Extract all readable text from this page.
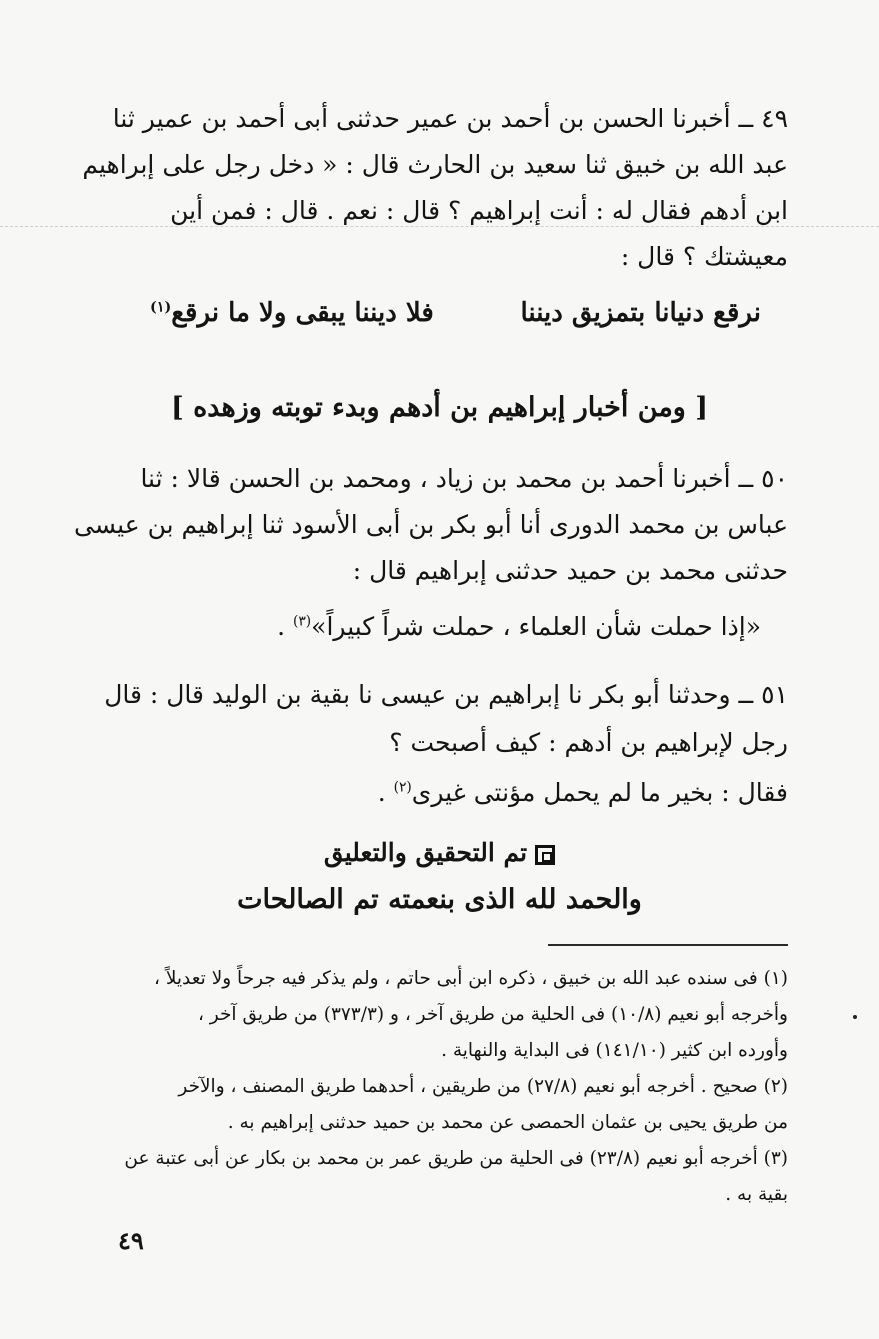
٤٩ ــ أخبرنا الحسن بن أحمد بن عمير حدثنى أبى أحمد بن عمير ثنا
عبد الله بن خبيق ثنا سعيد بن الحارث قال : « دخل رجل على إبراهيم
ابن أدهم فقال له : أنت إبراهيم ؟ قال : نعم . قال : فمن أين
معيشتك ؟ قال :
نرقع دنيانا بتمزيق ديننا
فلا ديننا يبقى ولا ما نرقع$^{(١)}$
[ ومن أخبار إبراهيم بن أدهم وبدء توبته وزهده ]
٥٠ ــ أخبرنا أحمد بن محمد بن زياد ، ومحمد بن الحسن قالا : ثنا
عباس بن محمد الدورى أنا أبو بكر بن أبى الأسود ثنا إبراهيم بن عيسى
حدثنى محمد بن حميد حدثنى إبراهيم قال :
«إذا حملت شأن العلماء ، حملت شراً كبيراً»$^{(٣)}$ .
٥١ ــ وحدثنا أبو بكر نا إبراهيم بن عيسى نا بقية بن الوليد قال : قال
رجل لإبراهيم بن أدهم : كيف أصبحت ؟
فقال : بخير ما لم يحمل مؤنتى غيرى$^{(٢)}$ .
تم التحقيق والتعليق
والحمد لله الذى بنعمته تم الصالحات
(١) فى سنده عبد الله بن خبيق ، ذكره ابن أبى حاتم ، ولم يذكر فيه جرحاً ولا تعديلاً ،
وأخرجه أبو نعيم (١٠/٨) فى الحلية من طريق آخر ، و (٣٧٣/٣) من طريق آخر ،
وأورده ابن كثير (١٤١/١٠) فى البداية والنهاية .
(٢) صحيح . أخرجه أبو نعيم (٢٧/٨) من طريقين ، أحدهما طريق المصنف ، والآخر
من طريق يحيى بن عثمان الحمصى عن محمد بن حميد حدثنى إبراهيم به .
(٣) أخرجه أبو نعيم (٢٣/٨) فى الحلية من طريق عمر بن محمد بن بكار عن أبى عتبة عن
بقية به .
٤٩
